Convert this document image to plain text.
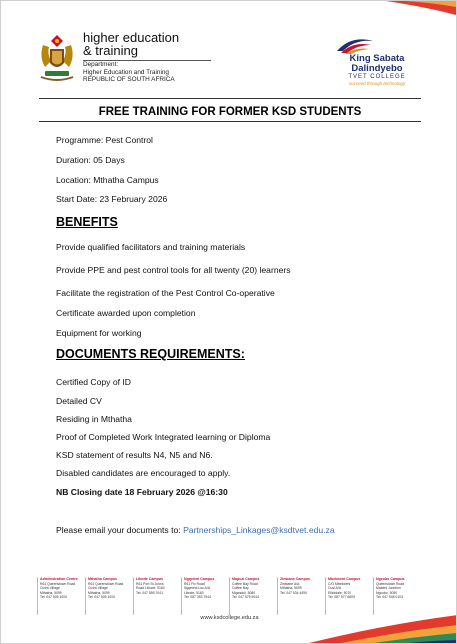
higher education
& training
Department:
Higher Education and Training
REPUBLIC OF SOUTH AFRICA
King Sabata
Dalindyebo
TVET COLLEGE
succeed through technology
FREE TRAINING FOR FORMER KSD STUDENTS
Programme: Pest Control
Duration: 05 Days
Location: Mthatha Campus
Start Date: 23 February 2026
BENEFITS
Provide qualified facilitators and training materials
Provide PPE and pest control tools for all twenty (20) learners
Facilitate the registration of the Pest Control Co-operative
Certificate awarded upon completion
Equipment for working
DOCUMENTS REQUIREMENTS:
Certified Copy of ID
Detailed CV
Residing in Mthatha
Proof of Completed Work Integrated learning or Diploma
KSD statement of results N4, N5 and N6.
Disabled candidates are encouraged to apply.
NB Closing date 18 February 2026 @16:30
Please email your documents to: Partnerships_Linkages@ksdtvet.edu.za
Administration Centre
R61 Queenstown Road
Cicira Village
Mthatha, 5099
Tel: 047 505 1000
Mthatha Campus
R61 Queenstown Road
Cicira Village
Mthatha, 5099
Tel: 047 505 1000
Libode Campus
R61 Port St Johns
Road Libode, 5160
Tel: 047 555 7041
Ngqeleni Campus
R61 Fix Road
Ngqeleni Loc A/A
Libode, 5160
Tel: 087 353 7944
Mapuzi Campus
Coffee Bay Road
Coffee Bay
Mqanduli, 5080
Tel: 047 575 9044
Zimbane Campus
Zimbane A/A
Mthatha, 5099
Tel: 047 534 4490
Mbekweni Campus
C/O Mbekweni
Cusi A/A
Elliotdale, 5070
Tel: 087 577 6809
Ngcobo Campus
Queenstown Road
Mabeni Junction
Ngcobo, 5050
Tel: 047 548 0103
www.ksdcollege.edu.za
